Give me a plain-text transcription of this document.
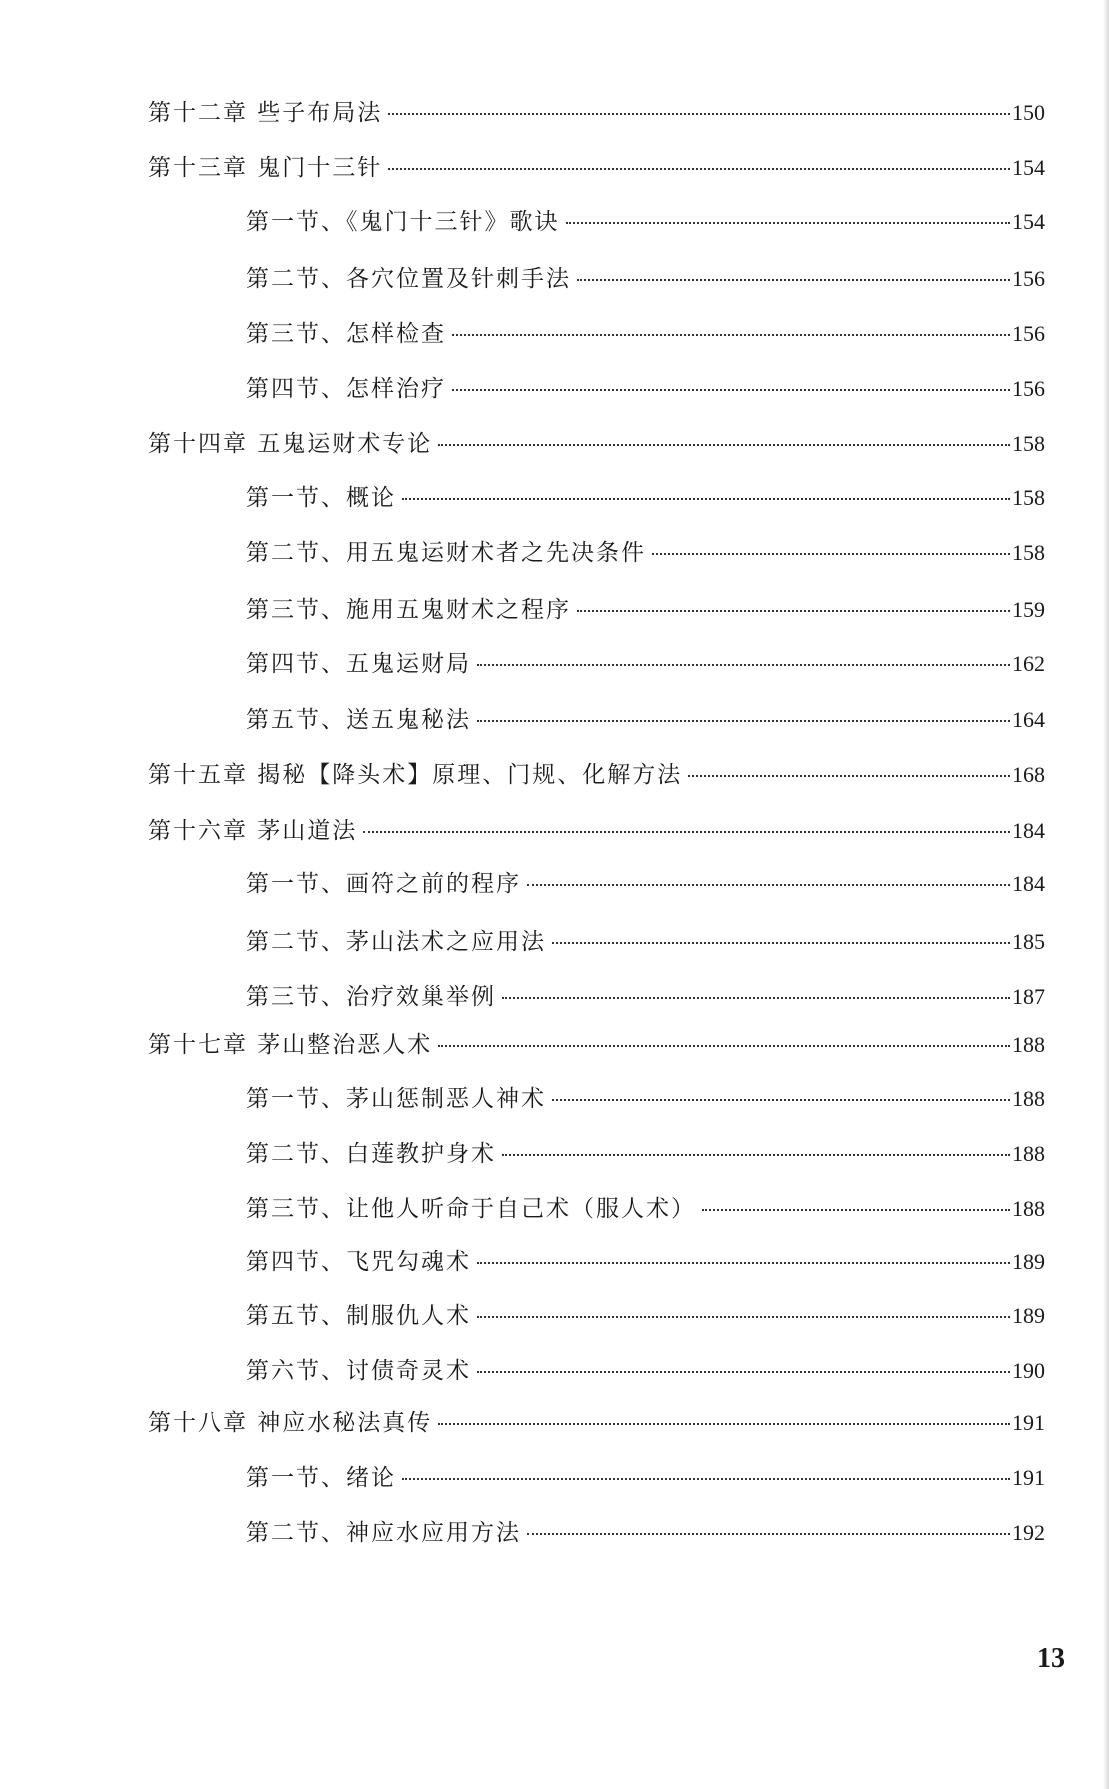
第十二章 些子布局法	150
第十三章 鬼门十三针	154
第一节、《鬼门十三针》歌诀	154
第二节、各穴位置及针刺手法	156
第三节、怎样检查	156
第四节、怎样治疗	156
第十四章 五鬼运财术专论	158
第一节、概论	158
第二节、用五鬼运财术者之先决条件	158
第三节、施用五鬼财术之程序	159
第四节、五鬼运财局	162
第五节、送五鬼秘法	164
第十五章 揭秘【降头术】原理、门规、化解方法	168
第十六章 茅山道法	184
第一节、画符之前的程序	184
第二节、茅山法术之应用法	185
第三节、治疗效巢举例	187
第十七章 茅山整治恶人术	188
第一节、茅山惩制恶人神术	188
第二节、白莲教护身术	188
第三节、让他人听命于自己术（服人术）	188
第四节、飞咒勾魂术	189
第五节、制服仇人术	189
第六节、讨债奇灵术	190
第十八章 神应水秘法真传	191
第一节、绪论	191
第二节、神应水应用方法	192
13
